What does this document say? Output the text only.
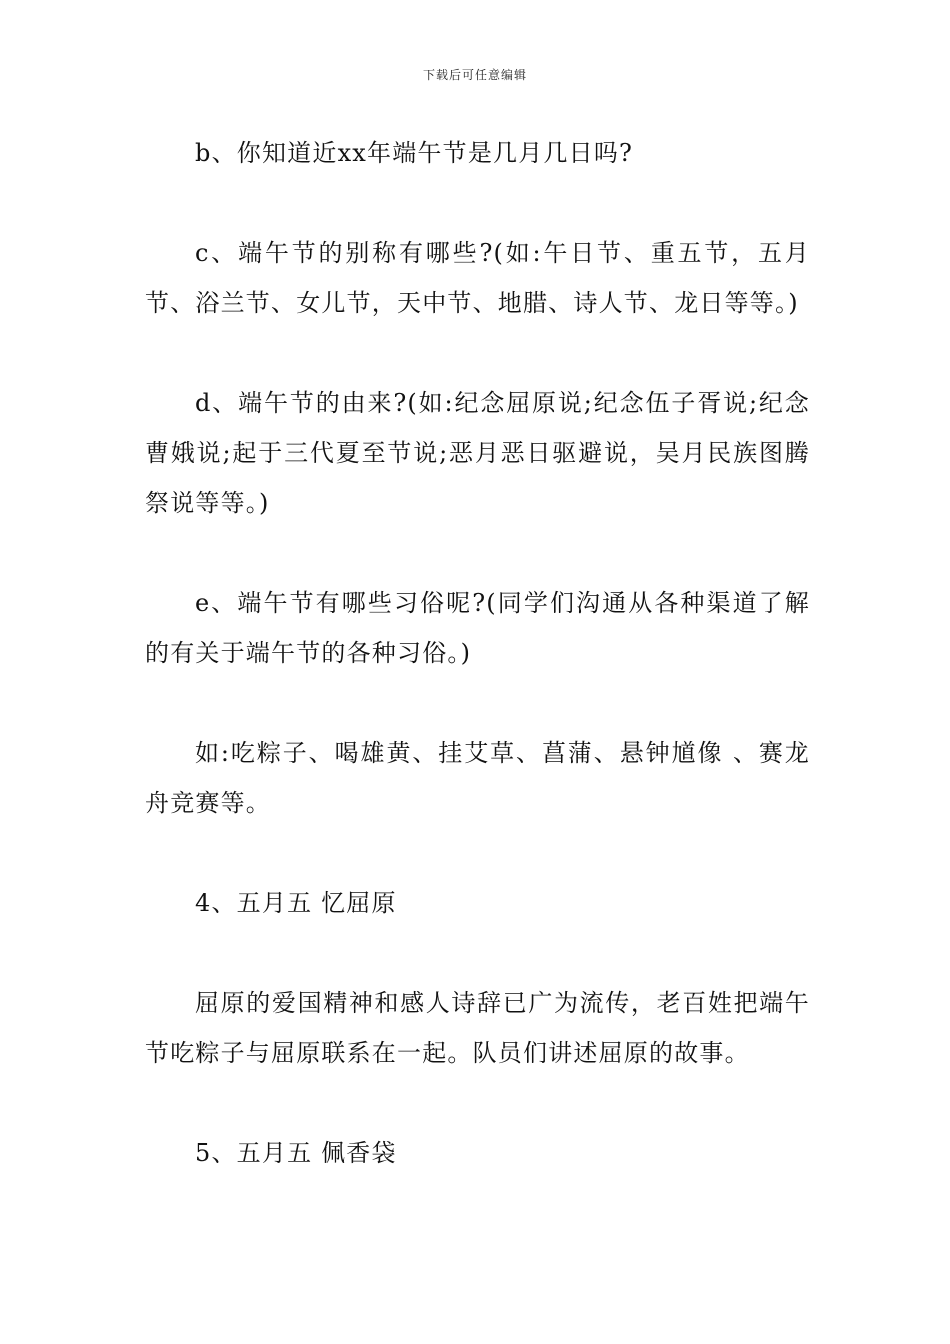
下载后可任意编辑

b、你知道近xx年端午节是几月几日吗?

c、端午节的别称有哪些?(如:午日节、重五节，五月节、浴兰节、女儿节，天中节、地腊、诗人节、龙日等等。)

d、端午节的由来?(如:纪念屈原说;纪念伍子胥说;纪念曹娥说;起于三代夏至节说;恶月恶日驱避说，吴月民族图腾祭说等等。)

e、端午节有哪些习俗呢?(同学们沟通从各种渠道了解的有关于端午节的各种习俗。)

如:吃粽子、喝雄黄、挂艾草、菖蒲、悬钟馗像 、赛龙舟竞赛等。

4、五月五 忆屈原

屈原的爱国精神和感人诗辞已广为流传，老百姓把端午节吃粽子与屈原联系在一起。队员们讲述屈原的故事。

5、五月五 佩香袋
